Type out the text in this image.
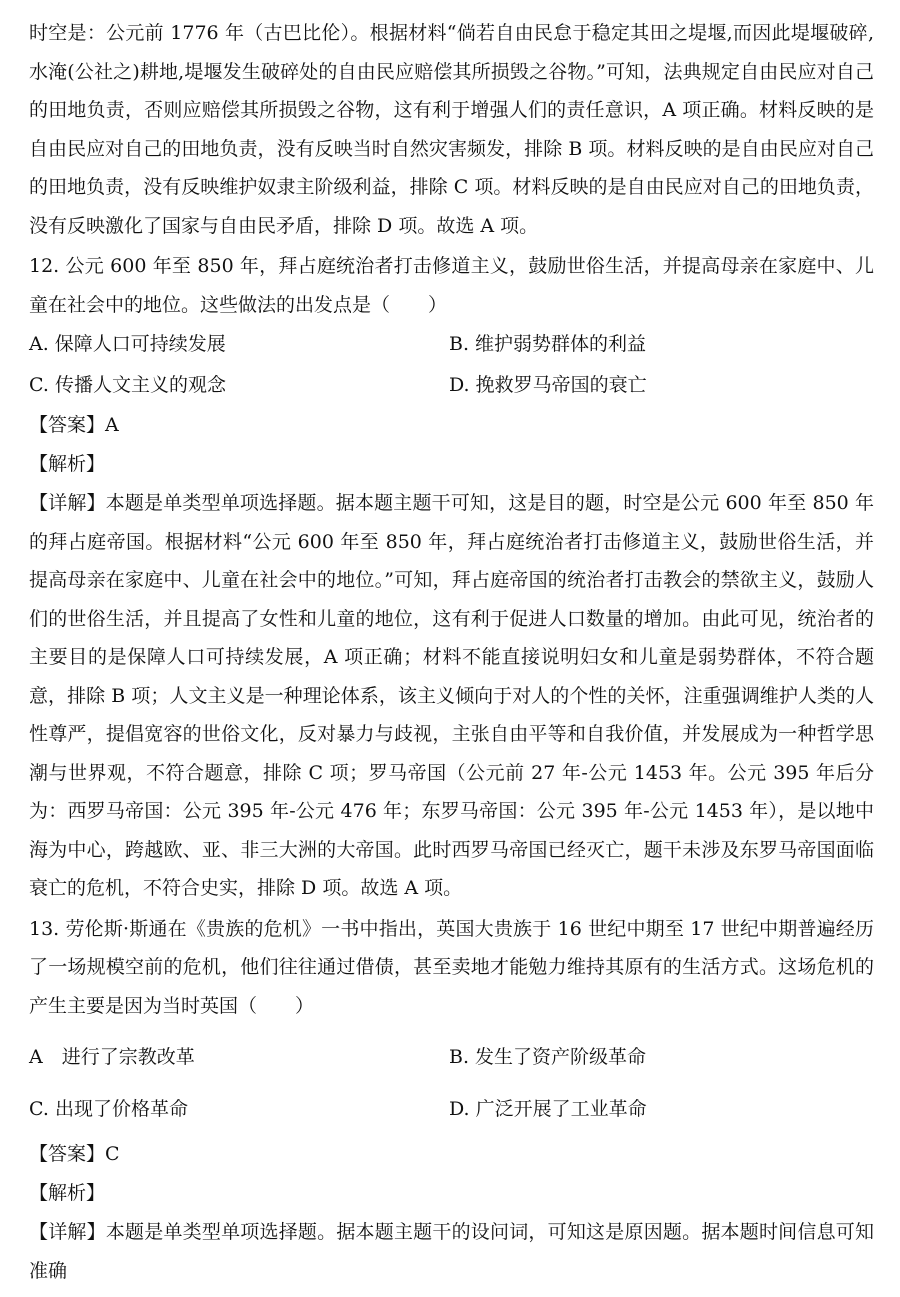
时空是：公元前 1776 年（古巴比伦）。根据材料“倘若自由民怠于稳定其田之堤堰,而因此堤堰破碎,水淹(公社之)耕地,堤堰发生破碎处的自由民应赔偿其所损毁之谷物。”可知，法典规定自由民应对自己的田地负责，否则应赔偿其所损毁之谷物，这有利于增强人们的责任意识，A 项正确。材料反映的是自由民应对自己的田地负责，没有反映当时自然灾害频发，排除 B 项。材料反映的是自由民应对自己的田地负责，没有反映维护奴隶主阶级利益，排除 C 项。材料反映的是自由民应对自己的田地负责，没有反映激化了国家与自由民矛盾，排除 D 项。故选 A 项。

12. 公元 600 年至 850 年，拜占庭统治者打击修道主义，鼓励世俗生活，并提高母亲在家庭中、儿童在社会中的地位。这些做法的出发点是（　　）

A. 保障人口可持续发展	B. 维护弱势群体的利益
C. 传播人文主义的观念	D. 挽救罗马帝国的衰亡

【答案】A

【解析】

【详解】本题是单类型单项选择题。据本题主题干可知，这是目的题，时空是公元 600 年至 850 年的拜占庭帝国。根据材料“公元 600 年至 850 年，拜占庭统治者打击修道主义，鼓励世俗生活，并提高母亲在家庭中、儿童在社会中的地位。”可知，拜占庭帝国的统治者打击教会的禁欲主义，鼓励人们的世俗生活，并且提高了女性和儿童的地位，这有利于促进人口数量的增加。由此可见，统治者的主要目的是保障人口可持续发展，A 项正确；材料不能直接说明妇女和儿童是弱势群体，不符合题意，排除 B 项；人文主义是一种理论体系，该主义倾向于对人的个性的关怀，注重强调维护人类的人性尊严，提倡宽容的世俗文化，反对暴力与歧视，主张自由平等和自我价值，并发展成为一种哲学思潮与世界观，不符合题意，排除 C 项；罗马帝国（公元前 27 年-公元 1453 年。公元 395 年后分为：西罗马帝国：公元 395 年-公元 476 年；东罗马帝国：公元 395 年-公元 1453 年），是以地中海为中心，跨越欧、亚、非三大洲的大帝国。此时西罗马帝国已经灭亡，题干未涉及东罗马帝国面临衰亡的危机，不符合史实，排除 D 项。故选 A 项。

13. 劳伦斯·斯通在《贵族的危机》一书中指出，英国大贵族于 16 世纪中期至 17 世纪中期普遍经历了一场规模空前的危机，他们往往通过借债，甚至卖地才能勉力维持其原有的生活方式。这场危机的产生主要是因为当时英国（　　）

A　进行了宗教改革	B. 发生了资产阶级革命
C. 出现了价格革命	D. 广泛开展了工业革命

【答案】C

【解析】

【详解】本题是单类型单项选择题。据本题主题干的设问词，可知这是原因题。据本题时间信息可知准确
